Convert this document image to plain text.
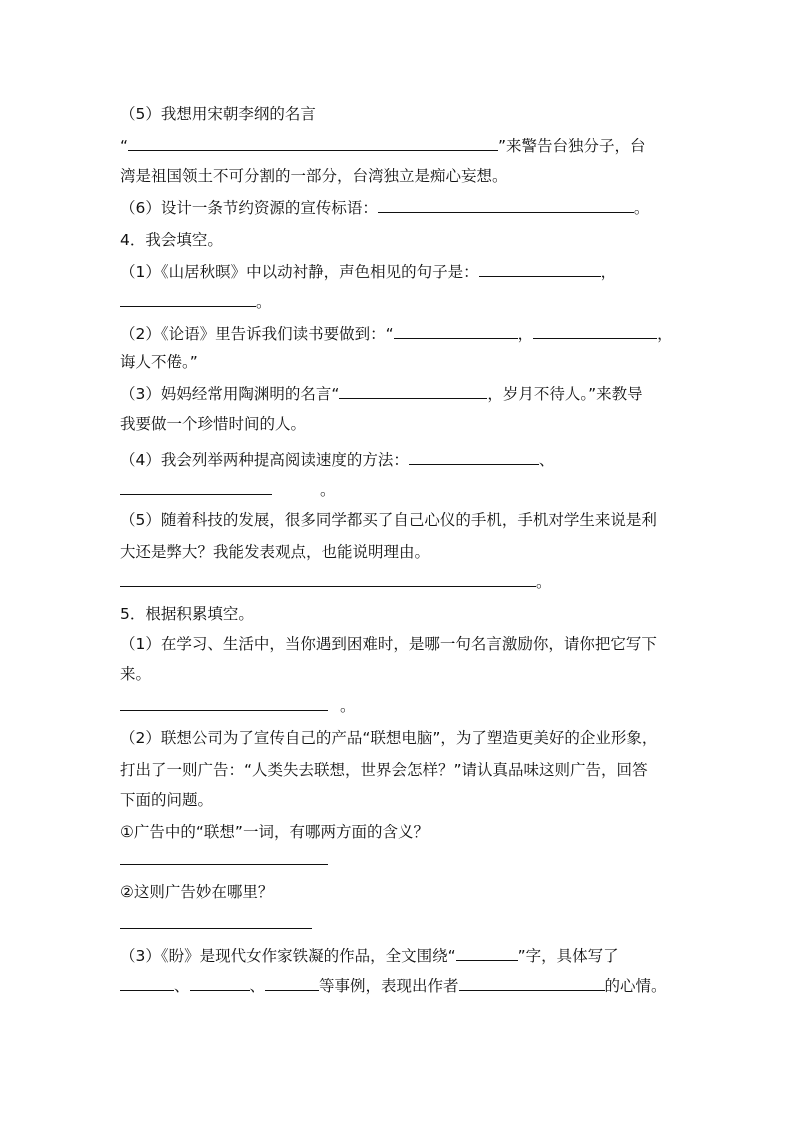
（5）我想用宋朝李纲的名言
“	”来警告台独分子，台
湾是祖国领土不可分割的一部分，台湾独立是痴心妄想。
（6）设计一条节约资源的宣传标语：	。
4．我会填空。
（1）《山居秋暝》中以动衬静，声色相见的句子是：	，
。
（2）《论语》里告诉我们读书要做到：“	，	，
诲人不倦。”
（3）妈妈经常用陶渊明的名言“	，岁月不待人。”来教导
我要做一个珍惜时间的人。
（4）我会列举两种提高阅读速度的方法：	、
。
（5）随着科技的发展，很多同学都买了自己心仪的手机，手机对学生来说是利
大还是弊大？我能发表观点，也能说明理由。
。
5．根据积累填空。
（1）在学习、生活中，当你遇到困难时，是哪一句名言激励你，请你把它写下
来。
。
（2）联想公司为了宣传自己的产品“联想电脑”，为了塑造更美好的企业形象，
打出了一则广告：“人类失去联想，世界会怎样？”请认真品味这则广告，回答
下面的问题。
①广告中的“联想”一词，有哪两方面的含义？
②这则广告妙在哪里？
（3）《盼》是现代女作家铁凝的作品，全文围绕“	”字，具体写了
、	、	等事例，表现出作者	的心情。
